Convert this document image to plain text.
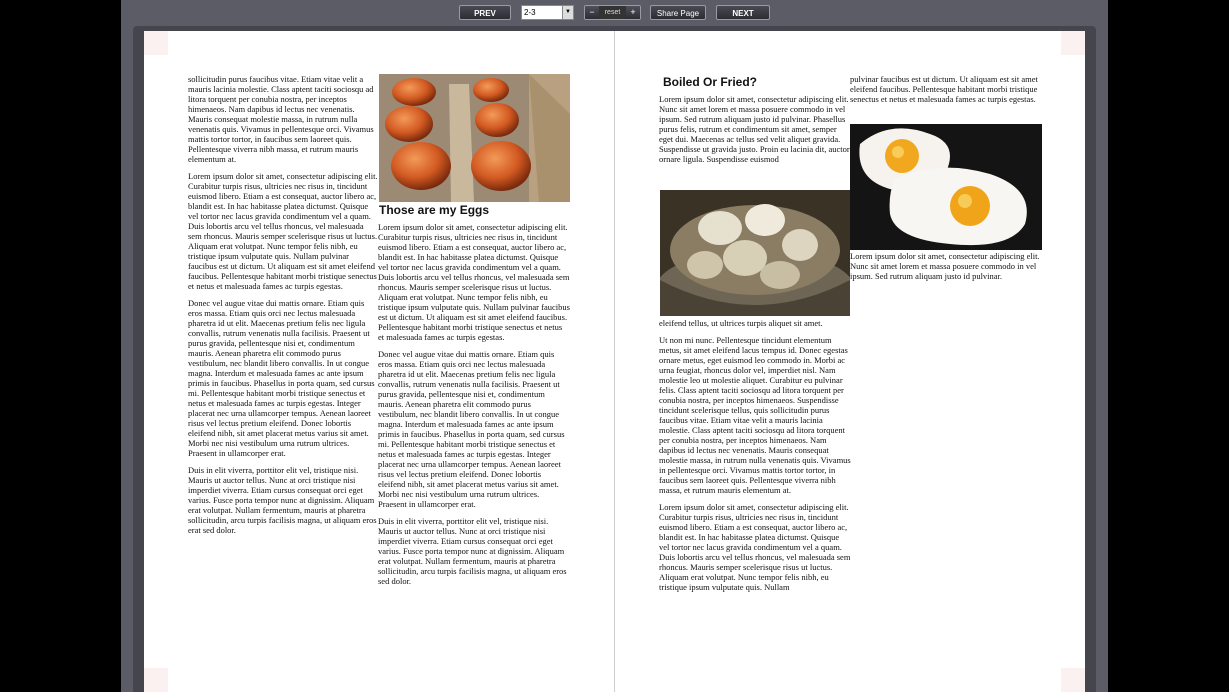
PREV	2-3	▼	−	reset	+	Share Page	NEXT

sollicitudin purus faucibus vitae. Etiam vitae velit a mauris lacinia molestie. Class aptent taciti sociosqu ad litora torquent per conubia nostra, per inceptos himenaeos. Nam dapibus id lectus nec venenatis. Mauris consequat molestie massa, in rutrum nulla venenatis quis. Vivamus in pellentesque orci. Vivamus mattis tortor tortor, in faucibus sem laoreet quis. Pellentesque viverra nibh massa, et rutrum mauris elementum at.

Lorem ipsum dolor sit amet, consectetur adipiscing elit. Curabitur turpis risus, ultricies nec risus in, tincidunt euismod libero. Etiam a est consequat, auctor libero ac, blandit est. In hac habitasse platea dictumst. Quisque vel tortor nec lacus gravida condimentum vel a quam. Duis lobortis arcu vel tellus rhoncus, vel malesuada sem rhoncus. Mauris semper scelerisque risus ut luctus. Aliquam erat volutpat. Nunc tempor felis nibh, eu tristique ipsum vulputate quis. Nullam pulvinar faucibus est ut dictum. Ut aliquam est sit amet eleifend faucibus. Pellentesque habitant morbi tristique senectus et netus et malesuada fames ac turpis egestas.

Donec vel augue vitae dui mattis ornare. Etiam quis eros massa. Etiam quis orci nec lectus malesuada pharetra id ut elit. Maecenas pretium felis nec ligula convallis, rutrum venenatis nulla facilisis. Praesent ut purus gravida, pellentesque nisi et, condimentum mauris. Aenean pharetra elit commodo purus vestibulum, nec blandit libero convallis. In ut congue magna. Interdum et malesuada fames ac ante ipsum primis in faucibus. Phasellus in porta quam, sed cursus mi. Pellentesque habitant morbi tristique senectus et netus et malesuada fames ac turpis egestas. Integer placerat nec urna ullamcorper tempus. Aenean laoreet risus vel lectus pretium eleifend. Donec lobortis eleifend nibh, sit amet placerat metus varius sit amet. Morbi nec nisi vestibulum urna rutrum ultrices. Praesent in ullamcorper erat.

Duis in elit viverra, porttitor elit vel, tristique nisi. Mauris ut auctor tellus. Nunc at orci tristique nisi imperdiet viverra. Etiam cursus consequat orci eget varius. Fusce porta tempor nunc at dignissim. Aliquam erat volutpat. Nullam fermentum, mauris at pharetra sollicitudin, arcu turpis facilisis magna, ut aliquam eros erat sed dolor.

Those are my Eggs

Lorem ipsum dolor sit amet, consectetur adipiscing elit. Curabitur turpis risus, ultricies nec risus in, tincidunt euismod libero. Etiam a est consequat, auctor libero ac, blandit est. In hac habitasse platea dictumst. Quisque vel tortor nec lacus gravida condimentum vel a quam. Duis lobortis arcu vel tellus rhoncus, vel malesuada sem rhoncus. Mauris semper scelerisque risus ut luctus. Aliquam erat volutpat. Nunc tempor felis nibh, eu tristique ipsum vulputate quis. Nullam pulvinar faucibus est ut dictum. Ut aliquam est sit amet eleifend faucibus. Pellentesque habitant morbi tristique senectus et netus et malesuada fames ac turpis egestas.

Donec vel augue vitae dui mattis ornare. Etiam quis eros massa. Etiam quis orci nec lectus malesuada pharetra id ut elit. Maecenas pretium felis nec ligula convallis, rutrum venenatis nulla facilisis. Praesent ut purus gravida, pellentesque nisi et, condimentum mauris. Aenean pharetra elit commodo purus vestibulum, nec blandit libero convallis. In ut congue magna. Interdum et malesuada fames ac ante ipsum primis in faucibus. Phasellus in porta quam, sed cursus mi. Pellentesque habitant morbi tristique senectus et netus et malesuada fames ac turpis egestas. Integer placerat nec urna ullamcorper tempus. Aenean laoreet risus vel lectus pretium eleifend. Donec lobortis eleifend nibh, sit amet placerat metus varius sit amet. Morbi nec nisi vestibulum urna rutrum ultrices. Praesent in ullamcorper erat.

Duis in elit viverra, porttitor elit vel, tristique nisi. Mauris ut auctor tellus. Nunc at orci tristique nisi imperdiet viverra. Etiam cursus consequat orci eget varius. Fusce porta tempor nunc at dignissim. Aliquam erat volutpat. Nullam fermentum, mauris at pharetra sollicitudin, arcu turpis facilisis magna, ut aliquam eros sed dolor.

Boiled Or Fried?

Lorem ipsum dolor sit amet, consectetur adipiscing elit. Nunc sit amet lorem et massa posuere commodo in vel ipsum. Sed rutrum aliquam justo id pulvinar. Phasellus purus felis, rutrum et condimentum sit amet, semper eget dui. Maecenas ac tellus sed velit aliquet gravida. Suspendisse ut gravida justo. Proin eu lacinia dit, auctor ornare ligula. Suspendisse euismod

eleifend tellus, ut ultrices turpis aliquet sit amet.

Ut non mi nunc. Pellentesque tincidunt elementum metus, sit amet eleifend lacus tempus id. Donec egestas ornare metus, eget euismod leo commodo in. Morbi ac urna feugiat, rhoncus dolor vel, imperdiet nisl. Nam molestie leo ut molestie aliquet. Curabitur eu pulvinar felis. Class aptent taciti sociosqu ad litora torquent per conubia nostra, per inceptos himenaeos. Suspendisse tincidunt scelerisque tellus, quis sollicitudin purus faucibus vitae. Etiam vitae velit a mauris lacinia molestie. Class aptent taciti sociosqu ad litora torquent per conubia nostra, per inceptos himenaeos. Nam dapibus id lectus nec venenatis. Mauris consequat molestie massa, in rutrum nulla venenatis quis. Vivamus in pellentesque orci. Vivamus mattis tortor tortor, in faucibus sem laoreet quis. Pellentesque viverra nibh massa, et rutrum mauris elementum at.

Lorem ipsum dolor sit amet, consectetur adipiscing elit. Curabitur turpis risus, ultricies nec risus in, tincidunt euismod libero. Etiam a est consequat, auctor libero ac, blandit est. In hac habitasse platea dictumst. Quisque vel tortor nec lacus gravida condimentum vel a quam. Duis lobortis arcu vel tellus rhoncus, vel malesuada sem rhoncus. Mauris semper scelerisque risus ut luctus. Aliquam erat volutpat. Nunc tempor felis nibh, eu tristique ipsum vulputate quis. Nullam

pulvinar faucibus est ut dictum. Ut aliquam est sit amet eleifend faucibus. Pellentesque habitant morbi tristique senectus et netus et malesuada fames ac turpis egestas.

Lorem ipsum dolor sit amet, consectetur adipiscing elit. Nunc sit amet lorem et massa posuere commodo in vel ipsum. Sed rutrum aliquam justo id pulvinar.
